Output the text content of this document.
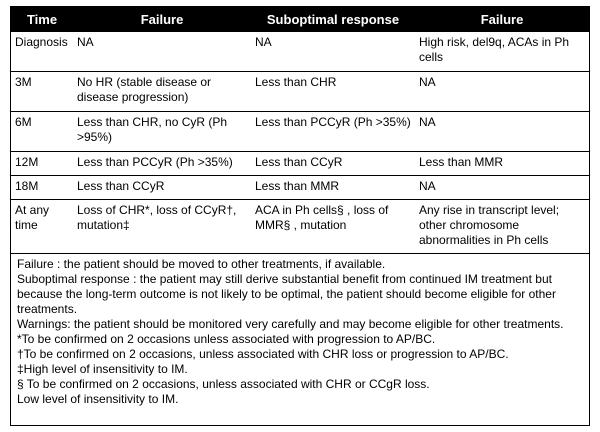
Time	Failure	Suboptimal response	Failure
Diagnosis	NA	NA	High risk, del9q, ACAs in Ph cells
3M	No HR (stable disease or disease progression)	Less than CHR	NA
6M	Less than CHR, no CyR (Ph >95%)	Less than PCCyR (Ph >35%)	NA
12M	Less than PCCyR (Ph >35%)	Less than CCyR	Less than MMR
18M	Less than CCyR	Less than MMR	NA
At any time	Loss of CHR*, loss of CCyR†, mutation‡	ACA in Ph cells§ , loss of MMR§ , mutation	Any rise in transcript level; other chromosome abnormalities in Ph cells

Failure : the patient should be moved to other treatments, if available.

Suboptimal response : the patient may still derive substantial benefit from continued IM treatment but because the long-term outcome is not likely to be optimal, the patient should become eligible for other treatments.

Warnings: the patient should be monitored very carefully and may become eligible for other treatments.

*To be confirmed on 2 occasions unless associated with progression to AP/BC.

†To be confirmed on 2 occasions, unless associated with CHR loss or progression to AP/BC.

‡High level of insensitivity to IM.

§ To be confirmed on 2 occasions, unless associated with CHR or CCgR loss.

Low level of insensitivity to IM.
